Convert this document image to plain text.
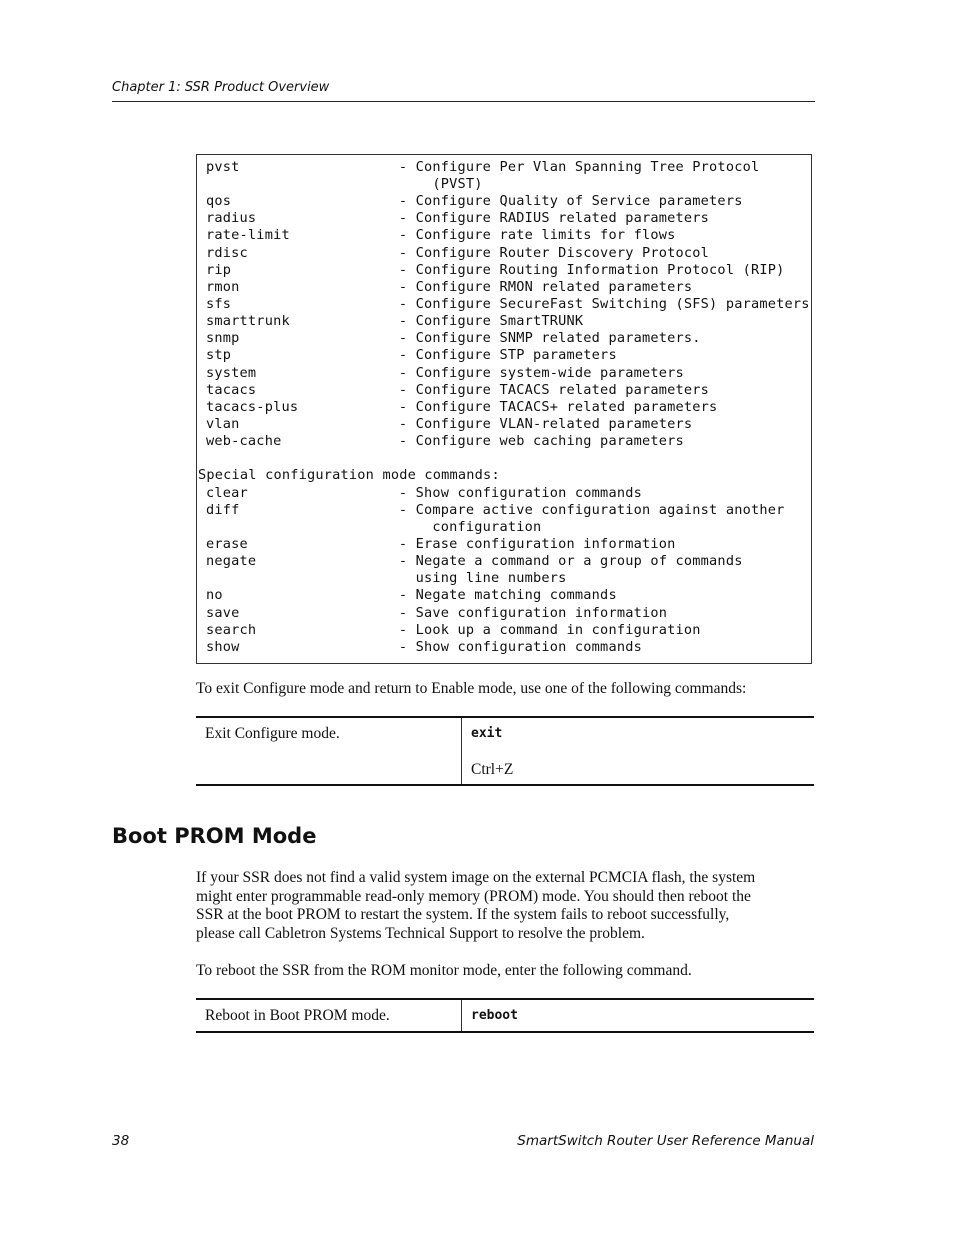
Chapter 1: SSR Product Overview
pvst                   - Configure Per Vlan Spanning Tree Protocol
(PVST)
qos                    - Configure Quality of Service parameters
radius                 - Configure RADIUS related parameters
rate-limit             - Configure rate limits for flows
rdisc                  - Configure Router Discovery Protocol
rip                    - Configure Routing Information Protocol (RIP)
rmon                   - Configure RMON related parameters
sfs                    - Configure SecureFast Switching (SFS) parameters
smarttrunk             - Configure SmartTRUNK
snmp                   - Configure SNMP related parameters.
stp                    - Configure STP parameters
system                 - Configure system-wide parameters
tacacs                 - Configure TACACS related parameters
tacacs-plus            - Configure TACACS+ related parameters
vlan                   - Configure VLAN-related parameters
web-cache              - Configure web caching parameters
Special configuration mode commands:
clear                  - Show configuration commands
diff                   - Compare active configuration against another
configuration
erase                  - Erase configuration information
negate                 - Negate a command or a group of commands
using line numbers
no                     - Negate matching commands
save                   - Save configuration information
search                 - Look up a command in configuration
show                   - Show configuration commands
To exit Configure mode and return to Enable mode, use one of the following commands:
Exit Configure mode.	exit
Ctrl+Z
Boot PROM Mode
If your SSR does not find a valid system image on the external PCMCIA flash, the system
might enter programmable read-only memory (PROM) mode. You should then reboot the
SSR at the boot PROM to restart the system. If the system fails to reboot successfully,
please call Cabletron Systems Technical Support to resolve the problem.
To reboot the SSR from the ROM monitor mode, enter the following command.
Reboot in Boot PROM mode.	reboot
38	SmartSwitch Router User Reference Manual
